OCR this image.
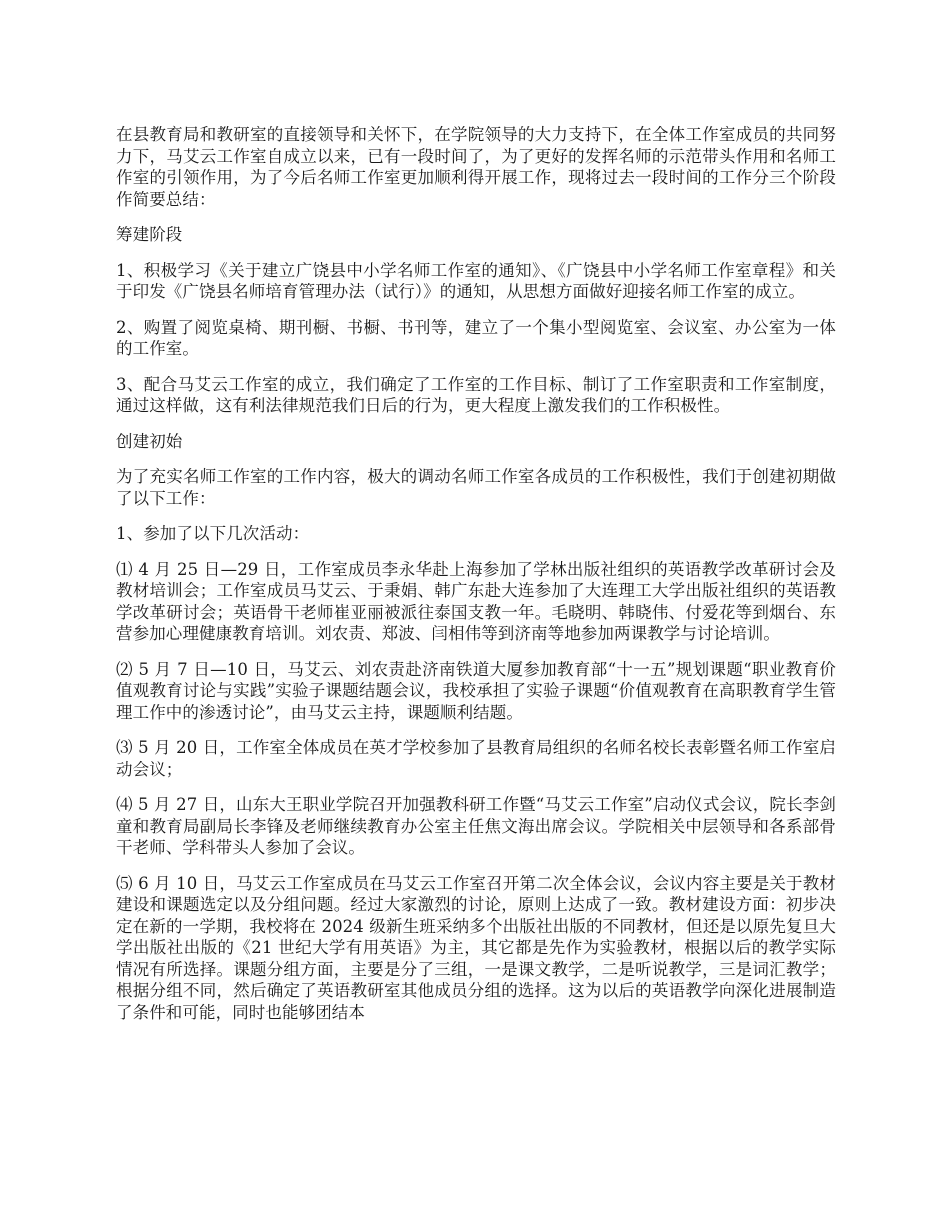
在县教育局和教研室的直接领导和关怀下，在学院领导的大力支持下，在全体工作室成员的共同努力下，马艾云工作室自成立以来，已有一段时间了，为了更好的发挥名师的示范带头作用和名师工作室的引领作用，为了今后名师工作室更加顺利得开展工作，现将过去一段时间的工作分三个阶段作简要总结：

筹建阶段

1、积极学习《关于建立广饶县中小学名师工作室的通知》、《广饶县中小学名师工作室章程》和关于印发《广饶县名师培育管理办法（试行）》的通知，从思想方面做好迎接名师工作室的成立。

2、购置了阅览桌椅、期刊橱、书橱、书刊等，建立了一个集小型阅览室、会议室、办公室为一体的工作室。

3、配合马艾云工作室的成立，我们确定了工作室的工作目标、制订了工作室职责和工作室制度，通过这样做，这有利法律规范我们日后的行为，更大程度上激发我们的工作积极性。

创建初始

为了充实名师工作室的工作内容，极大的调动名师工作室各成员的工作积极性，我们于创建初期做了以下工作：

1、参加了以下几次活动：

⑴ 4 月 25 日—29 日，工作室成员李永华赴上海参加了学林出版社组织的英语教学改革研讨会及教材培训会；工作室成员马艾云、于秉娟、韩广东赴大连参加了大连理工大学出版社组织的英语教学改革研讨会；英语骨干老师崔亚丽被派往泰国支教一年。毛晓明、韩晓伟、付爱花等到烟台、东营参加心理健康教育培训。刘农责、郑波、闫相伟等到济南等地参加两课教学与讨论培训。

⑵ 5 月 7 日—10 日，马艾云、刘农责赴济南铁道大厦参加教育部“十一五”规划课题“职业教育价值观教育讨论与实践”实验子课题结题会议，我校承担了实验子课题“价值观教育在高职教育学生管理工作中的渗透讨论”，由马艾云主持，课题顺利结题。

⑶ 5 月 20 日，工作室全体成员在英才学校参加了县教育局组织的名师名校长表彰暨名师工作室启动会议；

⑷ 5 月 27 日，山东大王职业学院召开加强教科研工作暨“马艾云工作室”启动仪式会议，院长李剑童和教育局副局长李锋及老师继续教育办公室主任焦文海出席会议。学院相关中层领导和各系部骨干老师、学科带头人参加了会议。

⑸ 6 月 10 日，马艾云工作室成员在马艾云工作室召开第二次全体会议，会议内容主要是关于教材建设和课题选定以及分组问题。经过大家激烈的讨论，原则上达成了一致。教材建设方面：初步决定在新的一学期，我校将在 2024 级新生班采纳多个出版社出版的不同教材，但还是以原先复旦大学出版社出版的《21 世纪大学有用英语》为主，其它都是先作为实验教材，根据以后的教学实际情况有所选择。课题分组方面，主要是分了三组，一是课文教学，二是听说教学，三是词汇教学；根据分组不同，然后确定了英语教研室其他成员分组的选择。这为以后的英语教学向深化进展制造了条件和可能，同时也能够团结本
